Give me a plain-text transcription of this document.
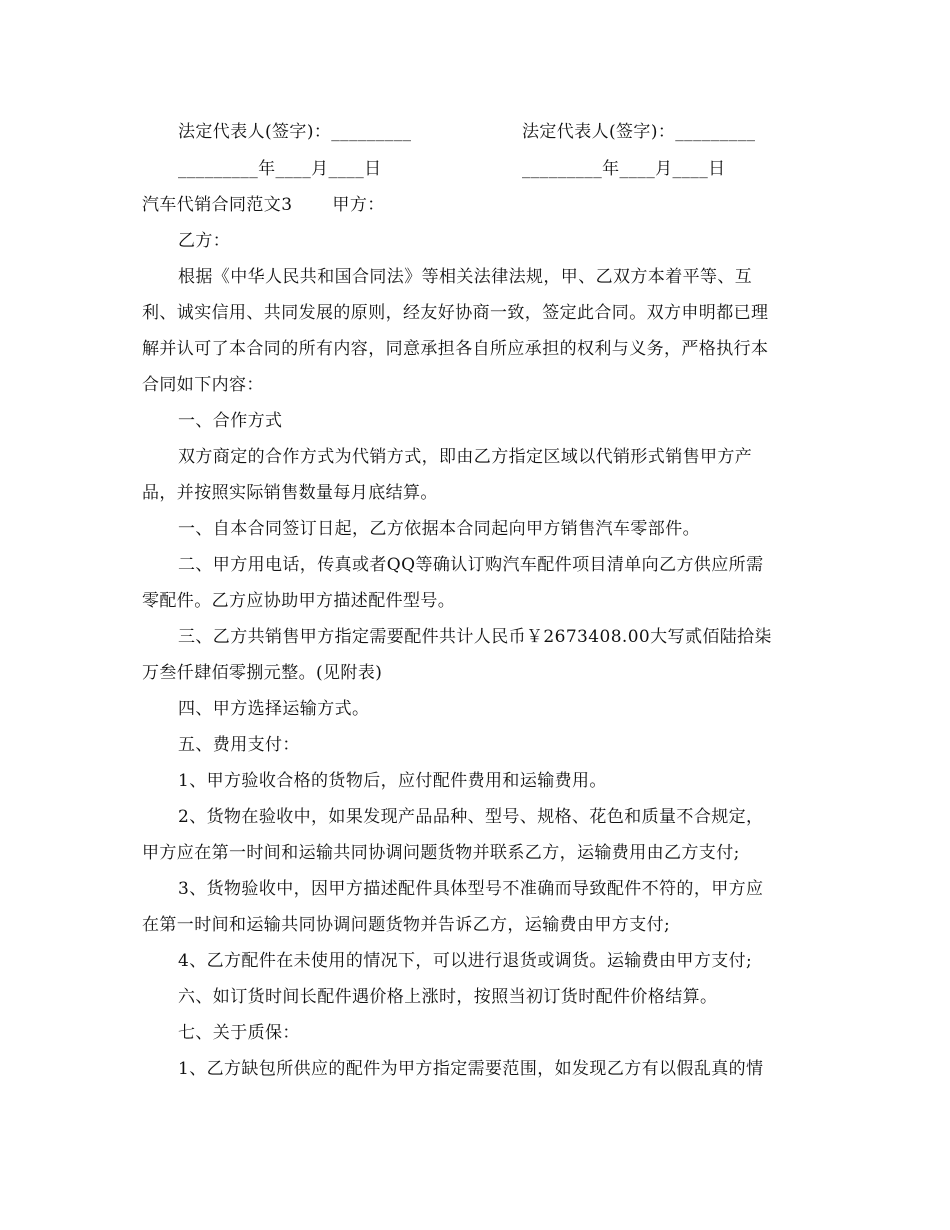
法定代表人(签字)：_________	法定代表人(签字)：_________
_________年____月____日	_________年____月____日
汽车代销合同范文3 甲方：
乙方：
根据《中华人民共和国合同法》等相关法律法规，甲、乙双方本着平等、互
利、诚实信用、共同发展的原则，经友好协商一致，签定此合同。双方申明都已理
解并认可了本合同的所有内容，同意承担各自所应承担的权利与义务，严格执行本
合同如下内容：
一、合作方式
双方商定的合作方式为代销方式，即由乙方指定区域以代销形式销售甲方产
品，并按照实际销售数量每月底结算。
一、自本合同签订日起，乙方依据本合同起向甲方销售汽车零部件。
二、甲方用电话，传真或者QQ等确认订购汽车配件项目清单向乙方供应所需
零配件。乙方应协助甲方描述配件型号。
三、乙方共销售甲方指定需要配件共计人民币￥2673408.00大写贰佰陆拾柒
万叁仟肆佰零捌元整。(见附表)
四、甲方选择运输方式。
五、费用支付：
1、甲方验收合格的货物后，应付配件费用和运输费用。
2、货物在验收中，如果发现产品品种、型号、规格、花色和质量不合规定，
甲方应在第一时间和运输共同协调问题货物并联系乙方，运输费用由乙方支付;
3、货物验收中，因甲方描述配件具体型号不准确而导致配件不符的，甲方应
在第一时间和运输共同协调问题货物并告诉乙方，运输费由甲方支付;
4、乙方配件在未使用的情况下，可以进行退货或调货。运输费由甲方支付;
六、如订货时间长配件遇价格上涨时，按照当初订货时配件价格结算。
七、关于质保：
1、乙方缺包所供应的配件为甲方指定需要范围，如发现乙方有以假乱真的情
